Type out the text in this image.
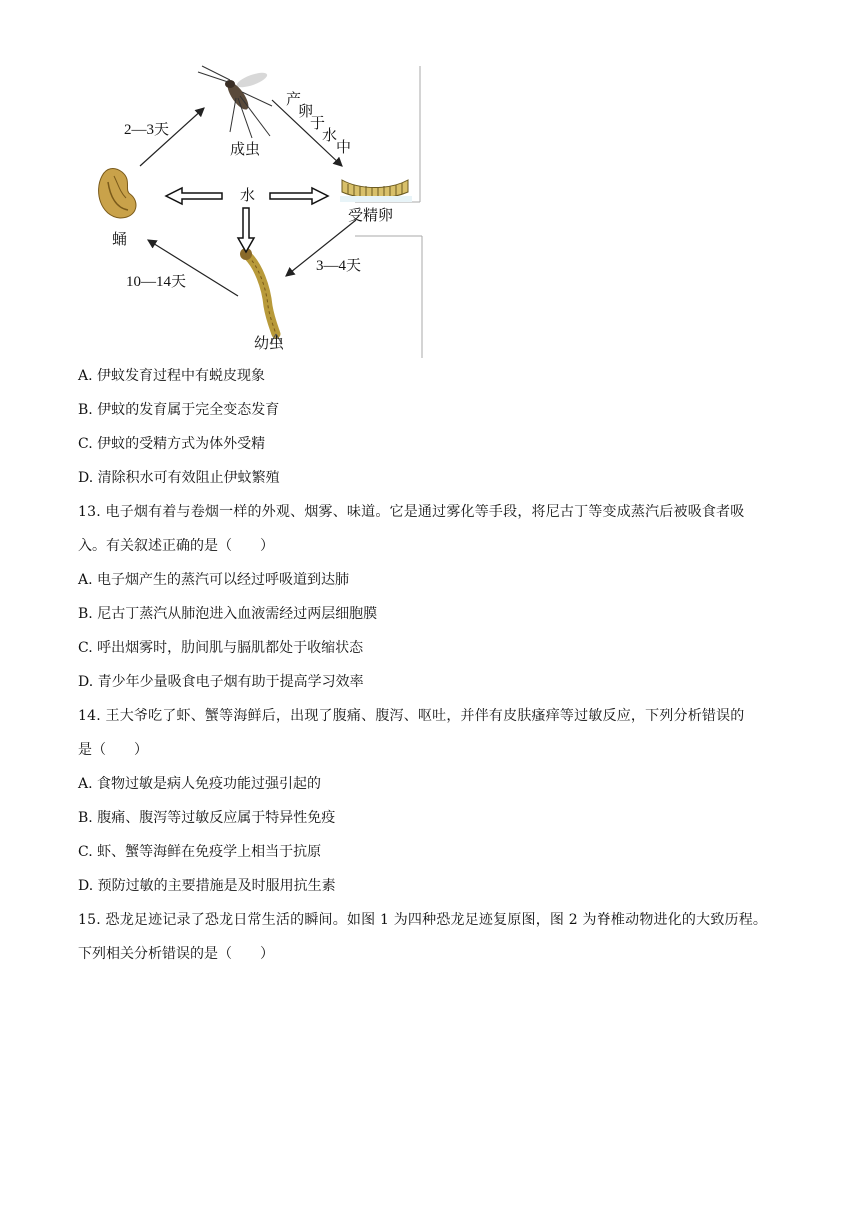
成虫
受精卵
幼虫
蛹
水
产
卵
于
水
中
2—3天
3—4天
10—14天
A. 伊蚊发育过程中有蜕皮现象
B. 伊蚊的发育属于完全变态发育
C. 伊蚊的受精方式为体外受精
D. 清除积水可有效阻止伊蚊繁殖
13. 电子烟有着与卷烟一样的外观、烟雾、味道。它是通过雾化等手段，将尼古丁等变成蒸汽后被吸食者吸
入。有关叙述正确的是（　　）
A. 电子烟产生的蒸汽可以经过呼吸道到达肺
B. 尼古丁蒸汽从肺泡进入血液需经过两层细胞膜
C. 呼出烟雾时，肋间肌与膈肌都处于收缩状态
D. 青少年少量吸食电子烟有助于提高学习效率
14. 王大爷吃了虾、蟹等海鲜后，出现了腹痛、腹泻、呕吐，并伴有皮肤瘙痒等过敏反应，下列分析错误的
是（　　）
A. 食物过敏是病人免疫功能过强引起的
B. 腹痛、腹泻等过敏反应属于特异性免疫
C. 虾、蟹等海鲜在免疫学上相当于抗原
D. 预防过敏的主要措施是及时服用抗生素
15. 恐龙足迹记录了恐龙日常生活的瞬间。如图 1 为四种恐龙足迹复原图，图 2 为脊椎动物进化的大致历程。
下列相关分析错误的是（　　）
